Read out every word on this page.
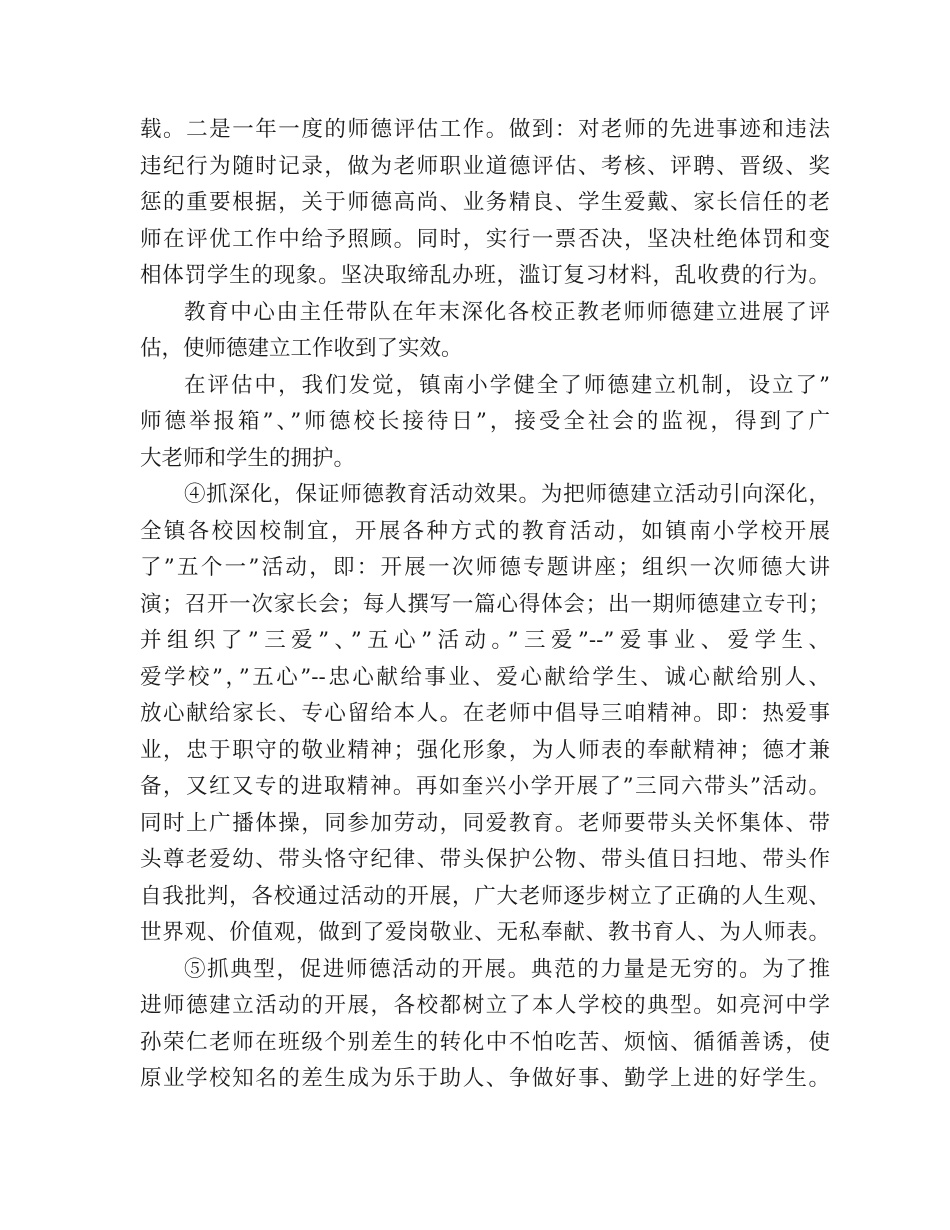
载。二是一年一度的师德评估工作。做到：对老师的先进事迹和违法
违纪行为随时记录，做为老师职业道德评估、考核、评聘、晋级、奖
惩的重要根据，关于师德高尚、业务精良、学生爱戴、家长信任的老
师在评优工作中给予照顾。同时，实行一票否决，坚决杜绝体罚和变
相体罚学生的现象。坚决取缔乱办班，滥订复习材料，乱收费的行为。
教育中心由主任带队在年末深化各校正教老师师德建立进展了评
估，使师德建立工作收到了实效。
在评估中，我们发觉，镇南小学健全了师德建立机制，设立了”
师德举报箱”、”师德校长接待日”，接受全社会的监视，得到了广
大老师和学生的拥护。
④抓深化，保证师德教育活动效果。为把师德建立活动引向深化，
全镇各校因校制宜，开展各种方式的教育活动，如镇南小学校开展
了”五个一”活动，即：开展一次师德专题讲座；组织一次师德大讲
演；召开一次家长会；每人撰写一篇心得体会；出一期师德建立专刊；
并组织了”三爱”、”五心”活动。”三爱”--”爱事业、爱学生、
爱学校”，”五心”--忠心献给事业、爱心献给学生、诚心献给别人、
放心献给家长、专心留给本人。在老师中倡导三咱精神。即：热爱事
业，忠于职守的敬业精神；强化形象，为人师表的奉献精神；德才兼
备，又红又专的进取精神。再如奎兴小学开展了”三同六带头”活动。
同时上广播体操，同参加劳动，同爱教育。老师要带头关怀集体、带
头尊老爱幼、带头恪守纪律、带头保护公物、带头值日扫地、带头作
自我批判，各校通过活动的开展，广大老师逐步树立了正确的人生观、
世界观、价值观，做到了爱岗敬业、无私奉献、教书育人、为人师表。
⑤抓典型，促进师德活动的开展。典范的力量是无穷的。为了推
进师德建立活动的开展，各校都树立了本人学校的典型。如亮河中学
孙荣仁老师在班级个别差生的转化中不怕吃苦、烦恼、循循善诱，使
原业学校知名的差生成为乐于助人、争做好事、勤学上进的好学生。
